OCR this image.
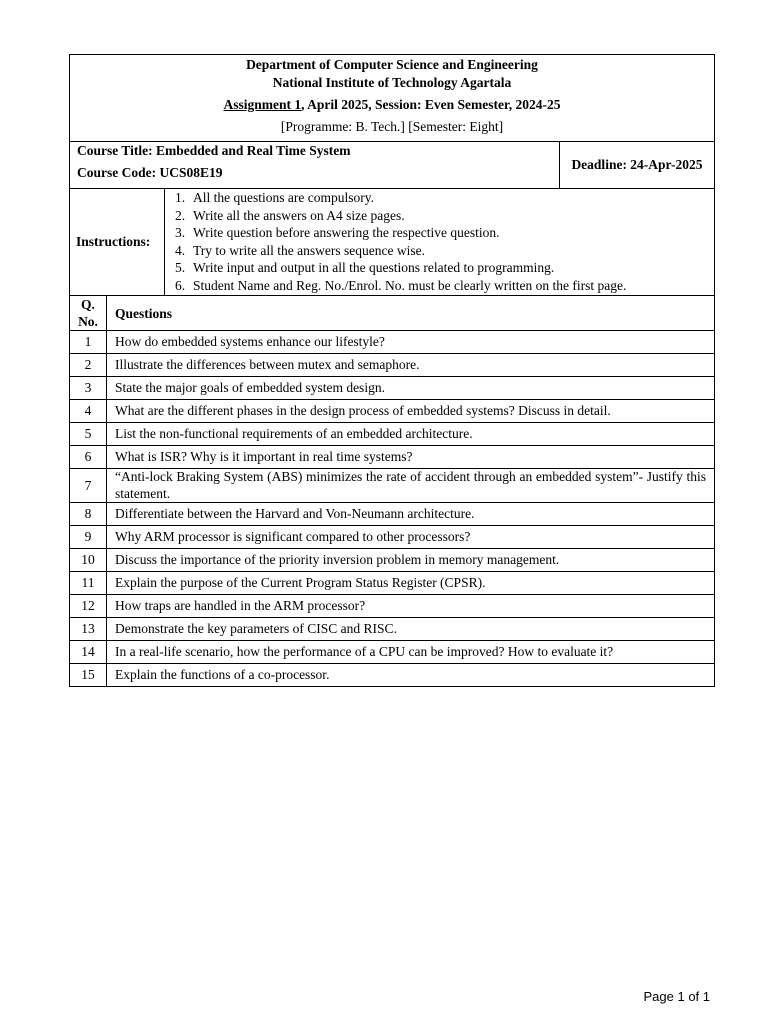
Department of Computer Science and Engineering
National Institute of Technology Agartala
Assignment 1, April 2025, Session: Even Semester, 2024-25
[Programme: B. Tech.] [Semester: Eight]
Course Title: Embedded and Real Time System
Course Code: UCS08E19
Deadline: 24-Apr-2025
Instructions:
1. All the questions are compulsory.
2. Write all the answers on A4 size pages.
3. Write question before answering the respective question.
4. Try to write all the answers sequence wise.
5. Write input and output in all the questions related to programming.
6. Student Name and Reg. No./Enrol. No. must be clearly written on the first page.
Q. No.	Questions
1	How do embedded systems enhance our lifestyle?
2	Illustrate the differences between mutex and semaphore.
3	State the major goals of embedded system design.
4	What are the different phases in the design process of embedded systems? Discuss in detail.
5	List the non-functional requirements of an embedded architecture.
6	What is ISR? Why is it important in real time systems?
7	“Anti-lock Braking System (ABS) minimizes the rate of accident through an embedded system”- Justify this statement.
8	Differentiate between the Harvard and Von-Neumann architecture.
9	Why ARM processor is significant compared to other processors?
10	Discuss the importance of the priority inversion problem in memory management.
11	Explain the purpose of the Current Program Status Register (CPSR).
12	How traps are handled in the ARM processor?
13	Demonstrate the key parameters of CISC and RISC.
14	In a real-life scenario, how the performance of a CPU can be improved? How to evaluate it?
15	Explain the functions of a co-processor.
Page 1 of 1
